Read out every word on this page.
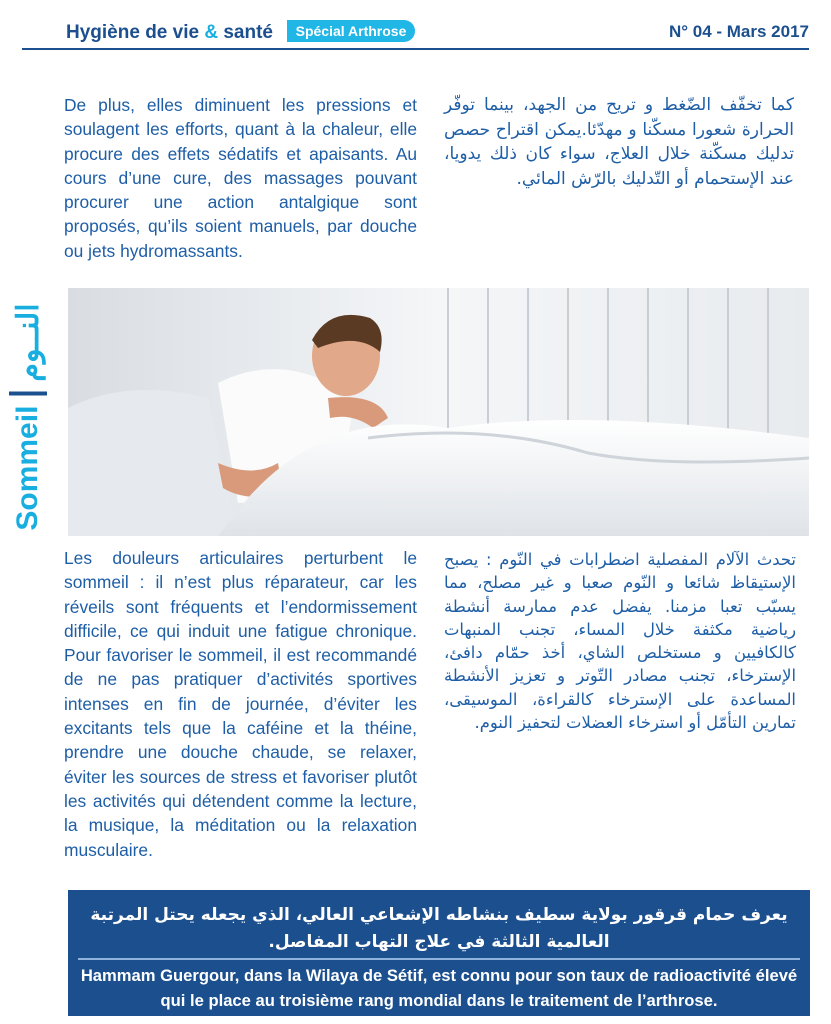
Hygiène de vie & santé	Spécial Arthrose	N° 04 - Mars 2017
Sommeil
النــوم
De plus, elles diminuent les pressions et soulagent les efforts, quant à la chaleur, elle procure des effets sédatifs et apaisants. Au cours d’une cure, des massages pouvant procurer une action antalgique sont proposés, qu’ils soient manuels, par douche ou jets hydromassants.
كما تخفّف الضّغط و تريح من الجهد، بينما توفّر الحرارة شعورا مسكّنا و مهدّئا.يمكن اقتراح حصص تدليك مسكّنة خلال العلاج، سواء كان ذلك يدويا، عند الإستحمام أو التّدليك بالرّش المائي.
Les douleurs articulaires perturbent le sommeil : il n’est plus réparateur, car les réveils sont fréquents et l’endormissement difficile, ce qui induit une fatigue chronique. Pour favoriser le sommeil, il est recommandé de ne pas pratiquer d’activités sportives intenses en fin de journée, d’éviter les excitants tels que la caféine et la théine, prendre une douche chaude, se relaxer, éviter les sources de stress et favoriser plutôt les activités qui détendent comme la lecture, la musique, la méditation ou la relaxation musculaire.
تحدث الآلام المفصلية اضطرابات في النّوم : يصبح الإستيقاظ شائعا و النّوم صعبا و غير مصلح، مما يسبّب تعبا مزمنا. يفضل عدم ممارسة أنشطة رياضية مكثفة خلال المساء، تجنب المنبهات كالكافيين و مستخلص الشاي، أخذ حمّام دافئ، الإسترخاء، تجنب مصادر التّوتر و تعزيز الأنشطة المساعدة على الإسترخاء كالقراءة، الموسيقى، تمارين التأمّل أو استرخاء العضلات لتحفيز النوم.
يعرف حمام قرقور بولاية سطيف بنشاطه الإشعاعي العالي، الذي يجعله يحتل المرتبة العالمية الثالثة في علاج التهاب المفاصل.
Hammam Guergour, dans la Wilaya de Sétif, est connu pour son taux de radioactivité élevé qui le place au troisième rang mondial dans le traitement de l’arthrose.
